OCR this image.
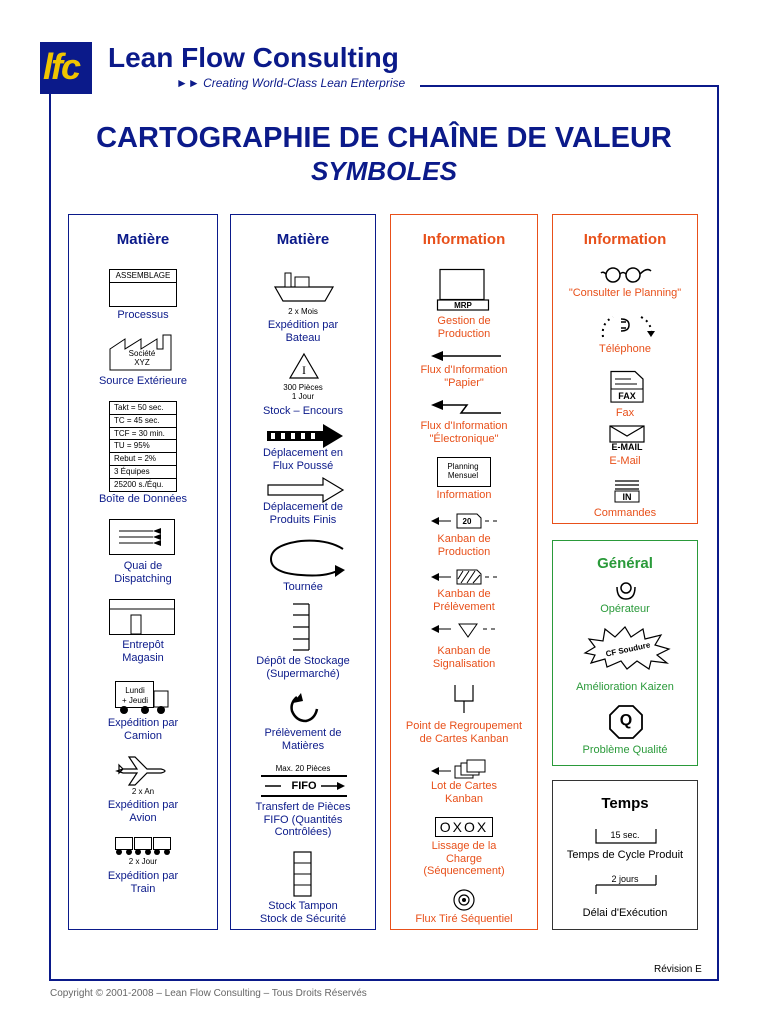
lfc Lean Flow Consulting
►► Creating World-Class Lean Enterprise
CARTOGRAPHIE DE CHAÎNE DE VALEUR
SYMBOLES
Matière
ASSEMBLAGE
Processus
Société
XYZ
Source Extérieure
Takt = 50 sec.
TC = 45 sec.
TCF = 30 min.
TU = 95%
Rebut = 2%
3 Équipes
25200 s./Équ.
Boîte de Données
Quai de
Dispatching
Entrepôt
Magasin
Lundi
+ Jeudi
Expédition par
Camion
2 x An
Expédition par
Avion
2 x Jour
Expédition par
Train
Matière
2 x Mois
Expédition par
Bateau
I
300 Pièces
1 Jour
Stock – Encours
Déplacement en
Flux Poussé
Déplacement de
Produits Finis
Tournée
Dépôt de Stockage
(Supermarché)
Prélèvement de
Matières
Max. 20 Pièces
FIFO
Transfert de Pièces
FIFO (Quantités
Contrôlées)
Stock Tampon
Stock de Sécurité
Information
MRP
Gestion de
Production
Flux d'Information
"Papier"
Flux d'Information
"Électronique"
Planning
Mensuel
Information
20
Kanban de
Production
Kanban de
Prélèvement
Kanban de
Signalisation
Point de Regroupement
de Cartes Kanban
Lot de Cartes
Kanban
OXOX
Lissage de la
Charge
(Séquencement)
Flux Tiré Séquentiel
Information
"Consulter le Planning"
Téléphone
FAX
Fax
E-MAIL
E-Mail
IN
Commandes
Général
Opérateur
CF Soudure
Amélioration Kaizen
Q
Problème Qualité
Temps
15 sec.
Temps de Cycle Produit
2 jours
Délai d'Exécution
Révision E
Copyright © 2001-2008 – Lean Flow Consulting – Tous Droits Réservés
